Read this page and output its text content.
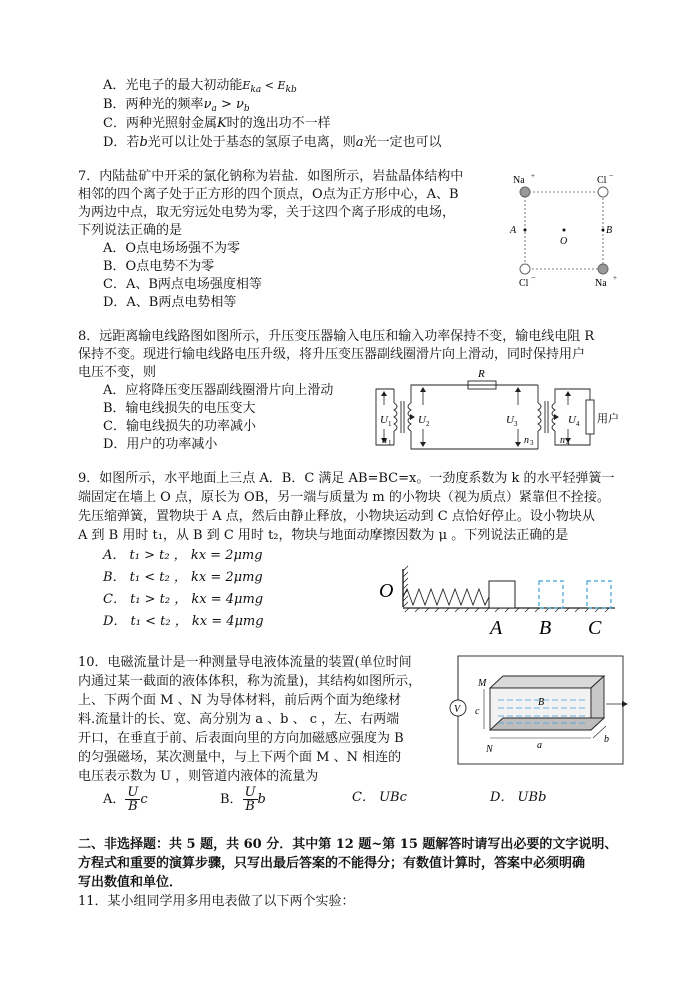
A．光电子的最大初动能$E_{ka} < E_{kb}$
B．两种光的频率$\nu_a > \nu_b$
C．两种光照射金属K时的逸出功不一样
D．若b光可以让处于基态的氢原子电离，则a光一定也可以
7．内陆盐矿中开采的氯化钠称为岩盐．如图所示，岩盐晶体结构中
相邻的四个离子处于正方形的四个顶点，O点为正方形中心，A、B
为两边中点，取无穷远处电势为零，关于这四个离子形成的电场，
下列说法正确的是
A．O点电场场强不为零
B．O点电势不为零
C．A、B两点电场强度相等
D．A、B两点电势相等
Na +	Cl −
Cl
−
Na +
A	B
O
8．远距离输电线路图如图所示，升压变压器输入电压和输入功率保持不变，输电线电阻 R
保持不变。现进行输电线路电压升级，将升压变压器副线圈滑片向上滑动，同时保持用户
电压不变，则
A．应将降压变压器副线圈滑片向上滑动
B．输电线损失的电压变大
C．输电线损失的功率减小
D．用户的功率减小
R
U 1
n 1
U 2	U 3
n 3	n 4
U 4 用户
9．如图所示，水平地面上三点 A．B．C 满足 AB=BC=x。一劲度系数为 k 的水平轻弹簧一
端固定在墙上 O 点，原长为 OB，另一端与质量为 m 的小物块（视为质点）紧靠但不拴接。
先压缩弹簧，置物块于 A 点，然后由静止释放，小物块运动到 C 点恰好停止。设小物块从
A 到 B 用时 t₁，从 B 到 C 用时 t₂，物块与地面动摩擦因数为 μ 。下列说法正确的是
A． t₁ > t₂ ， kx = 2μmg
B． t₁ < t₂ ， kx = 2μmg
C． t₁ > t₂ ， kx = 4μmg
D． t₁ < t₂ ， kx = 4μmg
O
A B C
10．电磁流量计是一种测量导电液体流量的装置(单位时间
内通过某一截面的液体体积，称为流量)，其结构如图所示，
上、下两个面 M 、N 为导体材料，前后两个面为绝缘材
料.流量计的长、宽、高分别为 a 、b 、 c ，左、右两端
开口，在垂直于前、后表面向里的方向加磁感应强度为 B
的匀强磁场，某次测量中，与上下两个面 M 、N 相连的
电压表示数为 U ，则管道内液体的流量为
A． $\frac{U}{B}$ c	B． $\frac{U}{B}$ b	C． UBc	D． UBb
V
M
N
c
B
a
b
二、非选择题：共 5 题，共 60 分．其中第 12 题~第 15 题解答时请写出必要的文字说明、
方程式和重要的演算步骤，只写出最后答案的不能得分；有数值计算时，答案中必须明确
写出数值和单位．
11．某小组同学用多用电表做了以下两个实验：
